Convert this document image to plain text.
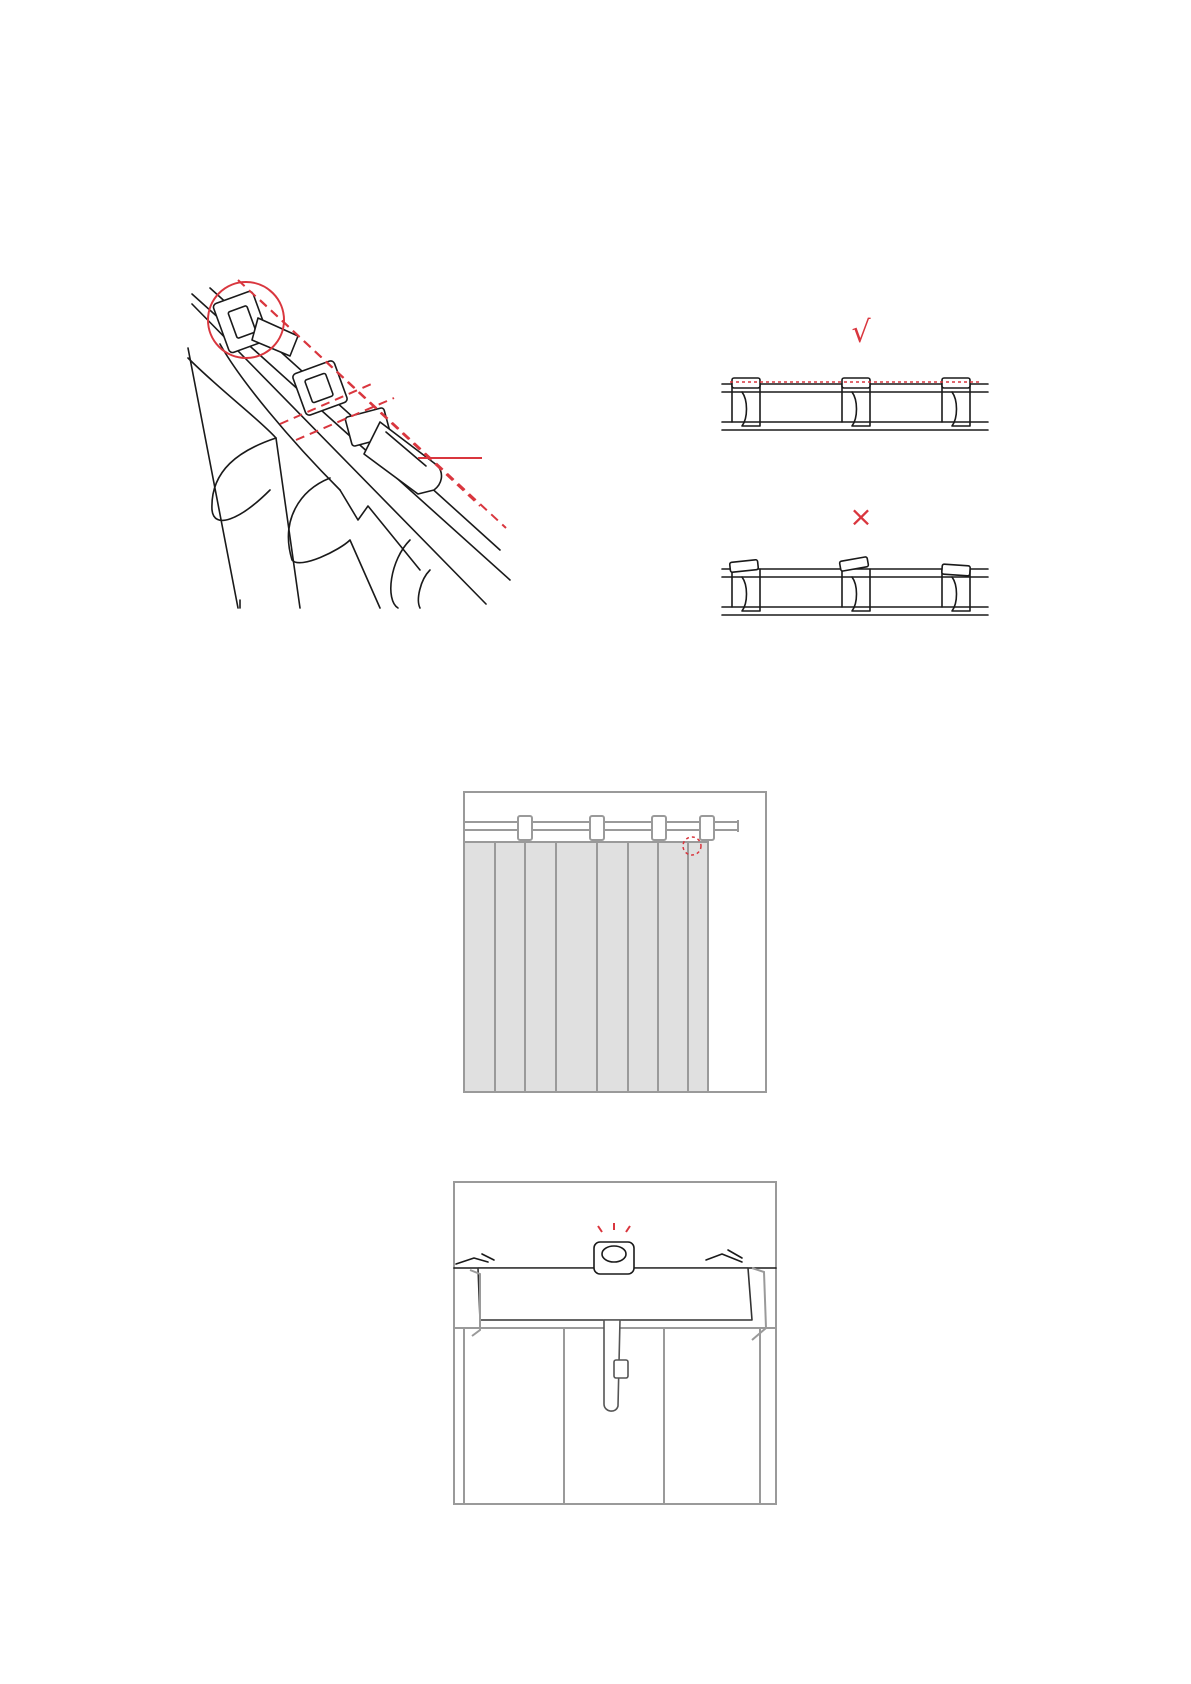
√
×
